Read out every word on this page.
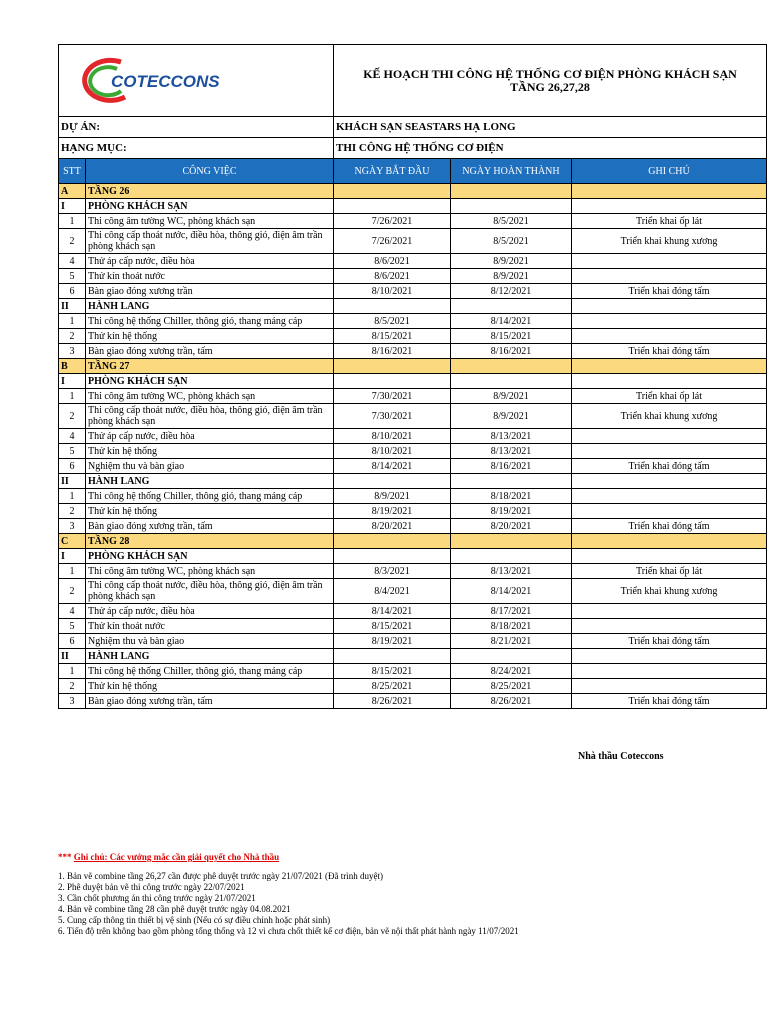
COTECCONS		KẾ HOẠCH THI CÔNG HỆ THỐNG CƠ ĐIỆN PHÒNG KHÁCH SẠN
TẦNG 26,27,28		

DỰ ÁN:		KHÁCH SẠN SEASTARS HẠ LONG		
HẠNG MỤC:		THI CÔNG HỆ THỐNG CƠ ĐIỆN		
STT	CÔNG VIỆC	NGÀY BẮT ĐẦU	NGÀY HOÀN THÀNH	GHI CHÚ
A	TẦNG 26			
I	PHÒNG KHÁCH SẠN			
1	Thi công âm tường WC, phòng khách sạn	7/26/2021	8/5/2021	Triển khai ốp lát
2	Thi công cấp thoát nước, điều hòa, thông gió, điện âm trần phòng khách sạn	7/26/2021	8/5/2021	Triển khai khung xương
4	Thử áp cấp nước, điều hòa	8/6/2021	8/9/2021	
5	Thử kín thoát nước	8/6/2021	8/9/2021	
6	Bàn giao đóng xương trần	8/10/2021	8/12/2021	Triển khai đóng tấm
II	HÀNH LANG			
1	Thi công hệ thống Chiller, thông gió, thang máng cáp	8/5/2021	8/14/2021	
2	Thử kín hệ thống	8/15/2021	8/15/2021	
3	Bàn giao đóng xương trần, tấm	8/16/2021	8/16/2021	Triển khai đóng tấm
B	TẦNG 27			
I	PHÒNG KHÁCH SẠN			
1	Thi công âm tường WC, phòng khách sạn	7/30/2021	8/9/2021	Triển khai ốp lát
2	Thi công cấp thoát nước, điều hòa, thông gió, điện âm trần phòng khách sạn	7/30/2021	8/9/2021	Triển khai khung xương
4	Thử áp cấp nước, điều hòa	8/10/2021	8/13/2021	
5	Thử kín hệ thống	8/10/2021	8/13/2021	
6	Nghiệm thu và bàn giao	8/14/2021	8/16/2021	Triển khai đóng tấm
II	HÀNH LANG			
1	Thi công hệ thống Chiller, thông gió, thang máng cáp	8/9/2021	8/18/2021	
2	Thử kín hệ thống	8/19/2021	8/19/2021	
3	Bàn giao đóng xương trần, tấm	8/20/2021	8/20/2021	Triển khai đóng tấm
C	TẦNG 28			
I	PHÒNG KHÁCH SẠN			
1	Thi công âm tường WC, phòng khách sạn	8/3/2021	8/13/2021	Triển khai ốp lát
2	Thi công cấp thoát nước, điều hòa, thông gió, điện âm trần phòng khách sạn	8/4/2021	8/14/2021	Triển khai khung xương
4	Thử áp cấp nước, điều hòa	8/14/2021	8/17/2021	
5	Thử kín thoát nước	8/15/2021	8/18/2021	
6	Nghiệm thu và bàn giao	8/19/2021	8/21/2021	Triển khai đóng tấm
II	HÀNH LANG			
1	Thi công hệ thống Chiller, thông gió, thang máng cáp	8/15/2021	8/24/2021	
2	Thử kín hệ thống	8/25/2021	8/25/2021	
3	Bàn giao đóng xương trần, tấm	8/26/2021	8/26/2021	Triển khai đóng tấm
Nhà thầu Coteccons
*** Ghi chú: Các vướng mắc cần giải quyết cho Nhà thầu
1. Bản vẽ combine tầng 26,27 cần được phê duyệt trước ngày 21/07/2021 (Đã trình duyệt)
2. Phê duyệt bản vẽ thi công trước ngày 22/07/2021
3. Cần chốt phương án thi công trước ngày 21/07/2021
4. Bản vẽ combine tầng 28 cần phê duyệt trước ngày 04.08.2021
5. Cung cấp thông tin thiết bị vệ sinh (Nếu có sự điều chỉnh hoặc phát sinh)
6. Tiến độ trên không bao gồm phòng tổng thống và 12 vì chưa chốt thiết kế cơ điện, bản vẽ nội thất phát hành ngày 11/07/2021
